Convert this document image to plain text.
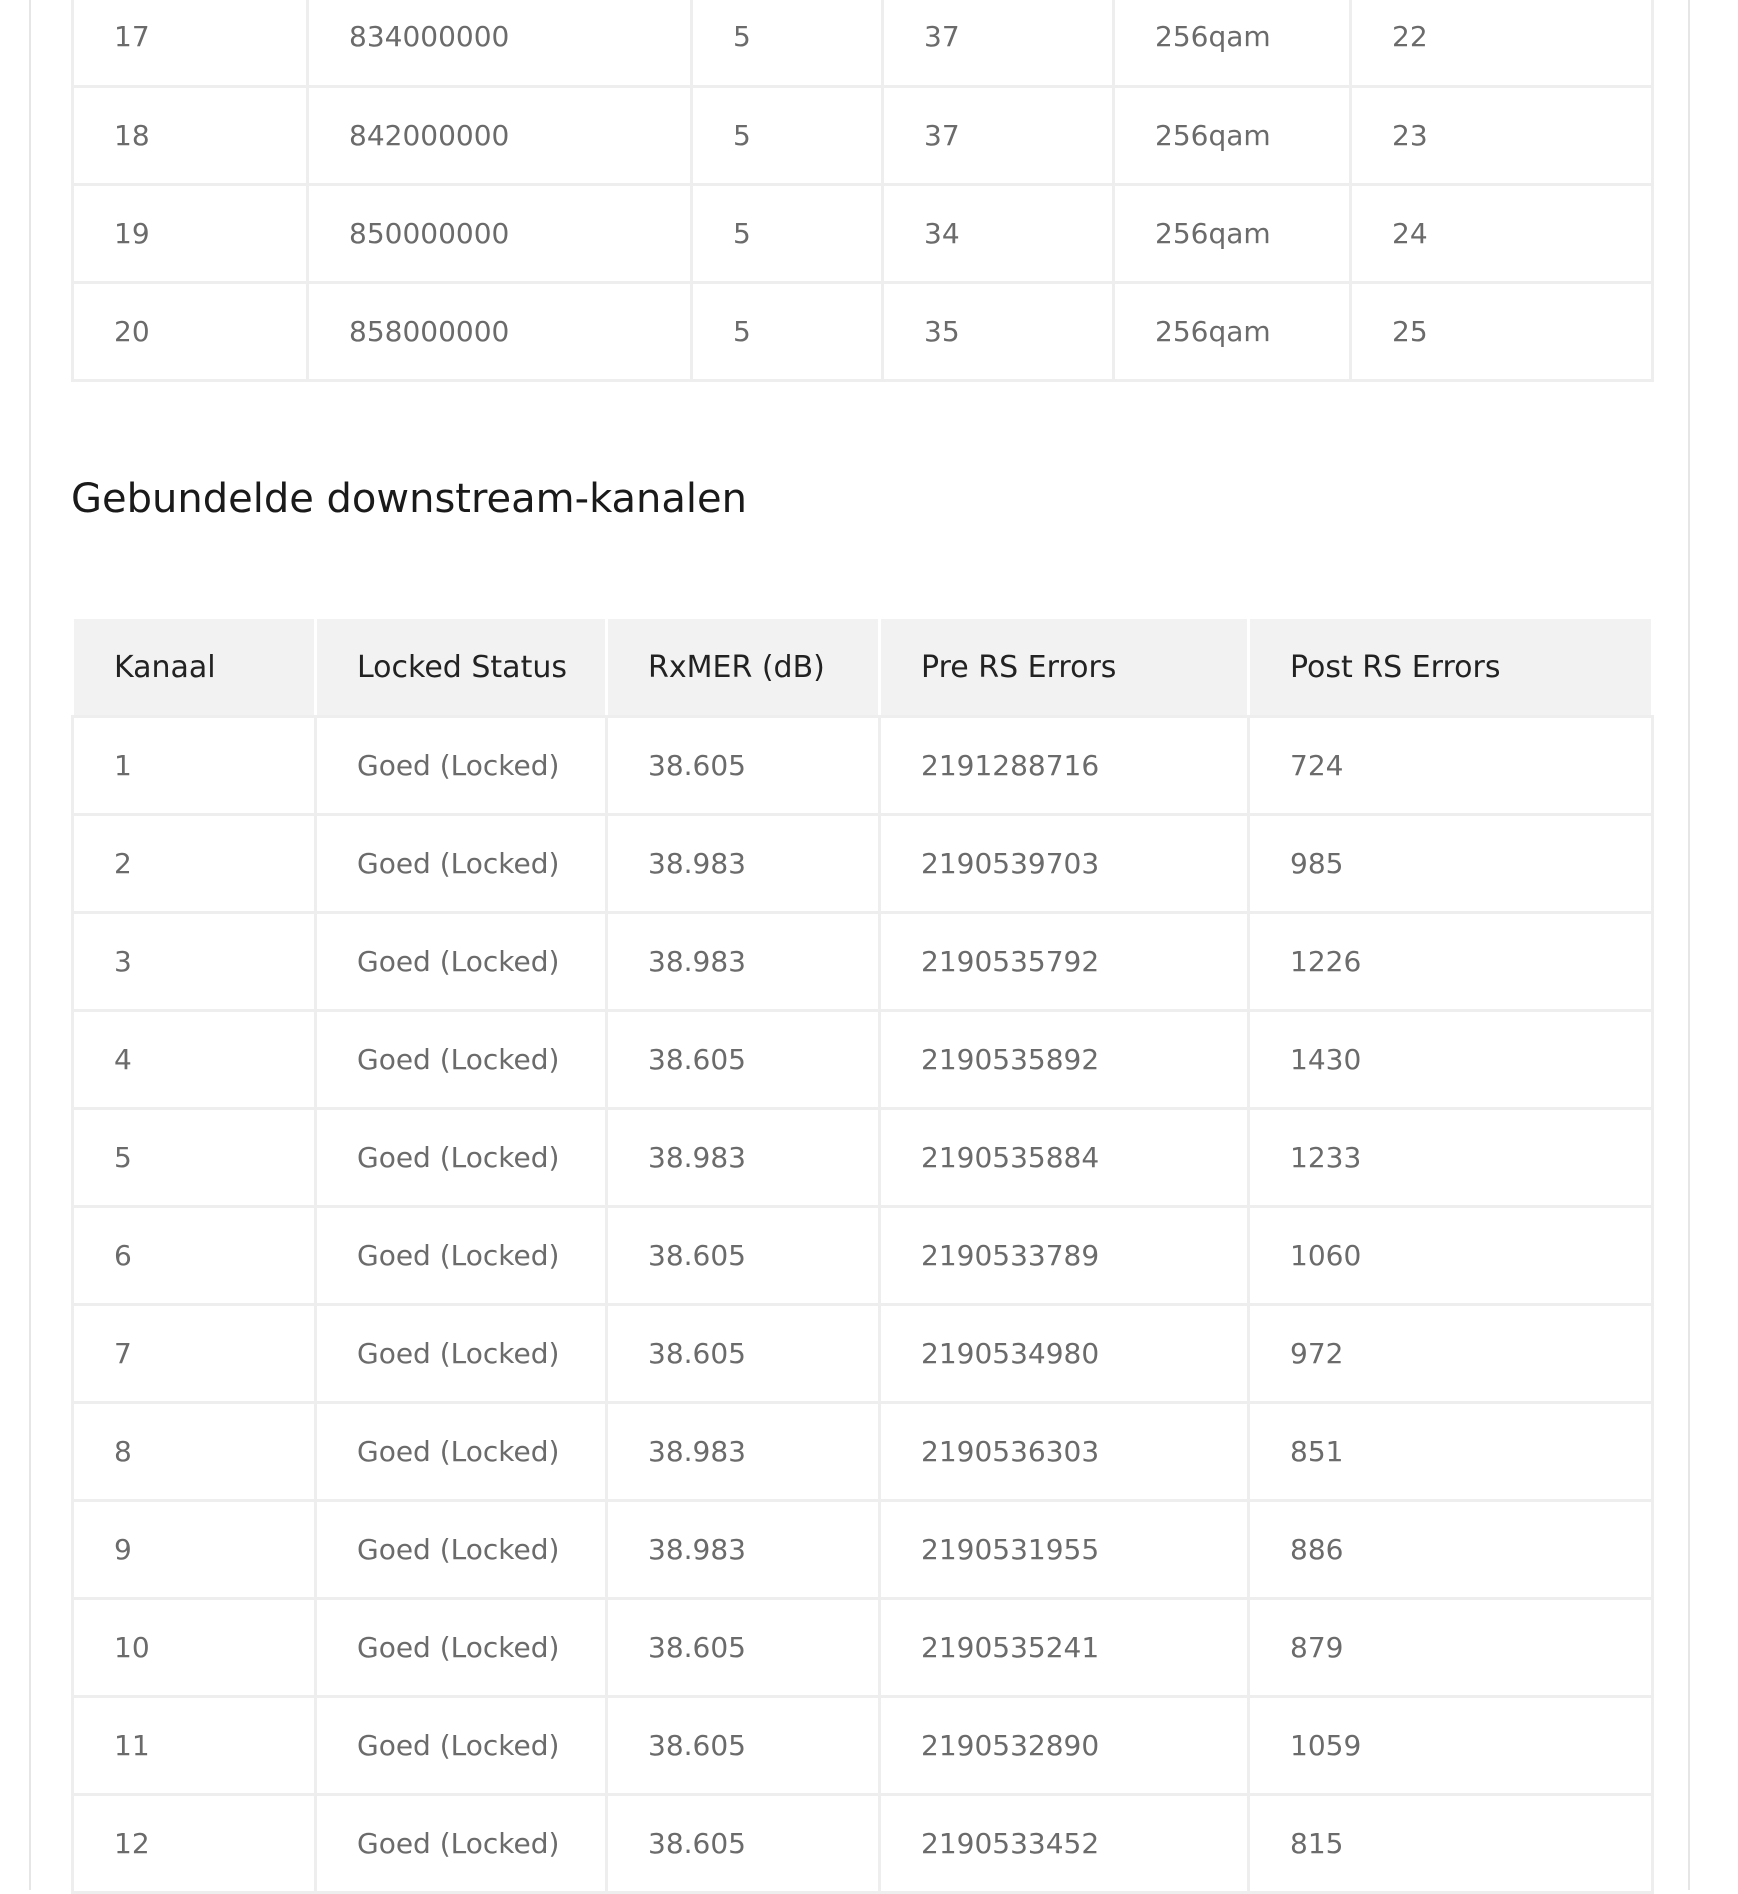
17	834000000	5	37	256qam	22
18	842000000	5	37	256qam	23
19	850000000	5	34	256qam	24
20	858000000	5	35	256qam	25
Gebundelde downstream-kanalen
Kanaal	Locked Status	RxMER (dB)	Pre RS Errors	Post RS Errors
1	Goed (Locked)	38.605	2191288716	724
2	Goed (Locked)	38.983	2190539703	985
3	Goed (Locked)	38.983	2190535792	1226
4	Goed (Locked)	38.605	2190535892	1430
5	Goed (Locked)	38.983	2190535884	1233
6	Goed (Locked)	38.605	2190533789	1060
7	Goed (Locked)	38.605	2190534980	972
8	Goed (Locked)	38.983	2190536303	851
9	Goed (Locked)	38.983	2190531955	886
10	Goed (Locked)	38.605	2190535241	879
11	Goed (Locked)	38.605	2190532890	1059
12	Goed (Locked)	38.605	2190533452	815
